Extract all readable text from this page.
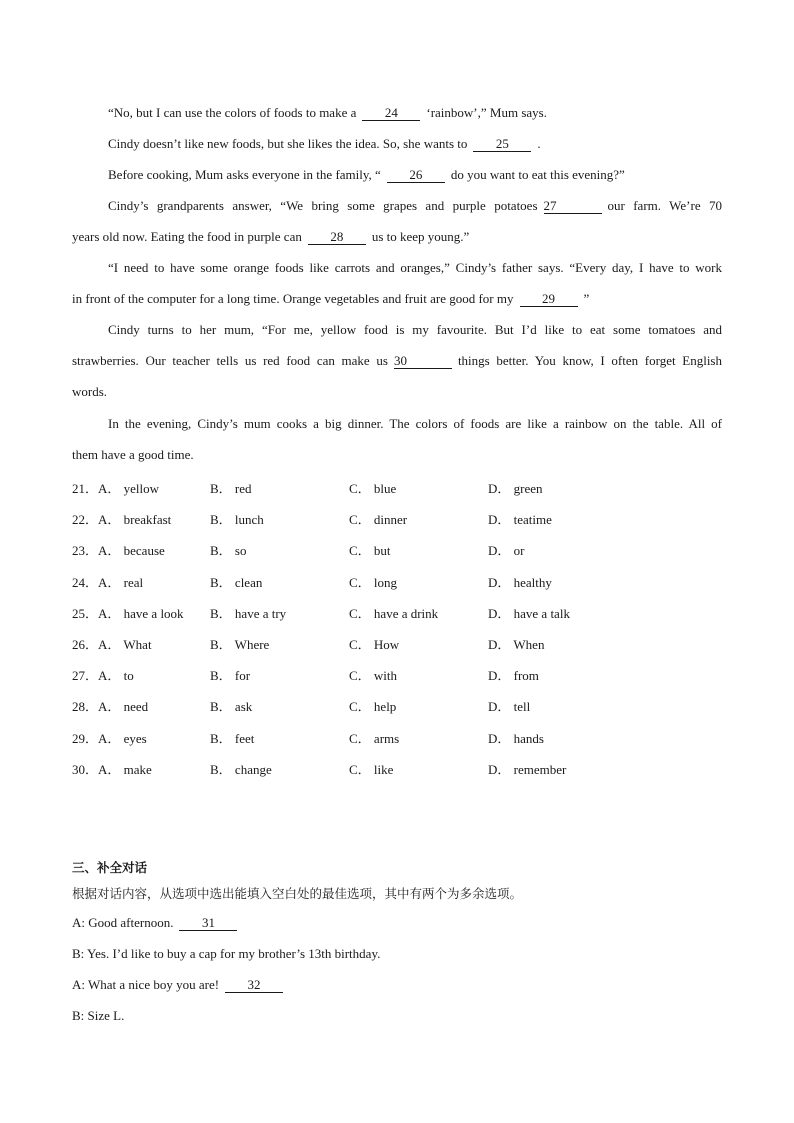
“No, but I can use the colors of foods to make a 24 ‘rainbow’,” Mum says.

Cindy doesn’t like new foods, but she likes the idea. So, she wants to 25 .

Before cooking, Mum asks everyone in the family, “ 26 do you want to eat this evening?”

Cindy’s grandparents answer, “We bring some grapes and purple potatoes 27	our farm. We’re 70
years old now. Eating the food in purple can 28 us to keep young.”

“I need to have some orange foods like carrots and oranges,” Cindy’s father says. “Every day, I have to work
in front of the computer for a long time. Orange vegetables and fruit are good for my 29 ”

Cindy turns to her mum, “For me, yellow food is my favourite. But I’d like to eat some tomatoes and
strawberries. Our teacher tells us red food can make us 30	things better. You know, I often forget English
words.

In the evening, Cindy’s mum cooks a big dinner. The colors of foods are like a rainbow on the table. All of
them have a good time.

21．A． yellow	B． red	C． blue	D． green
22．A． breakfast	B． lunch	C． dinner	D． teatime
23．A． because	B． so	C． but	D． or
24．A． real	B． clean	C． long	D． healthy
25．A． have a look B． have a try	C． have a drink	D． have a talk
26．A． What	B． Where	C． How	D． When
27．A． to	B． for	C． with	D． from
28．A． need	B． ask	C． help	D． tell
29．A． eyes	B． feet	C． arms	D． hands
30．A． make	B． change	C． like	D． remember
三、补全对话
根据对话内容，从选项中选出能填入空白处的最佳选项，其中有两个为多余选项。
A: Good afternoon. 31
B: Yes. I’d like to buy a cap for my brother’s 13th birthday.
A: What a nice boy you are! 32
B: Size L.
